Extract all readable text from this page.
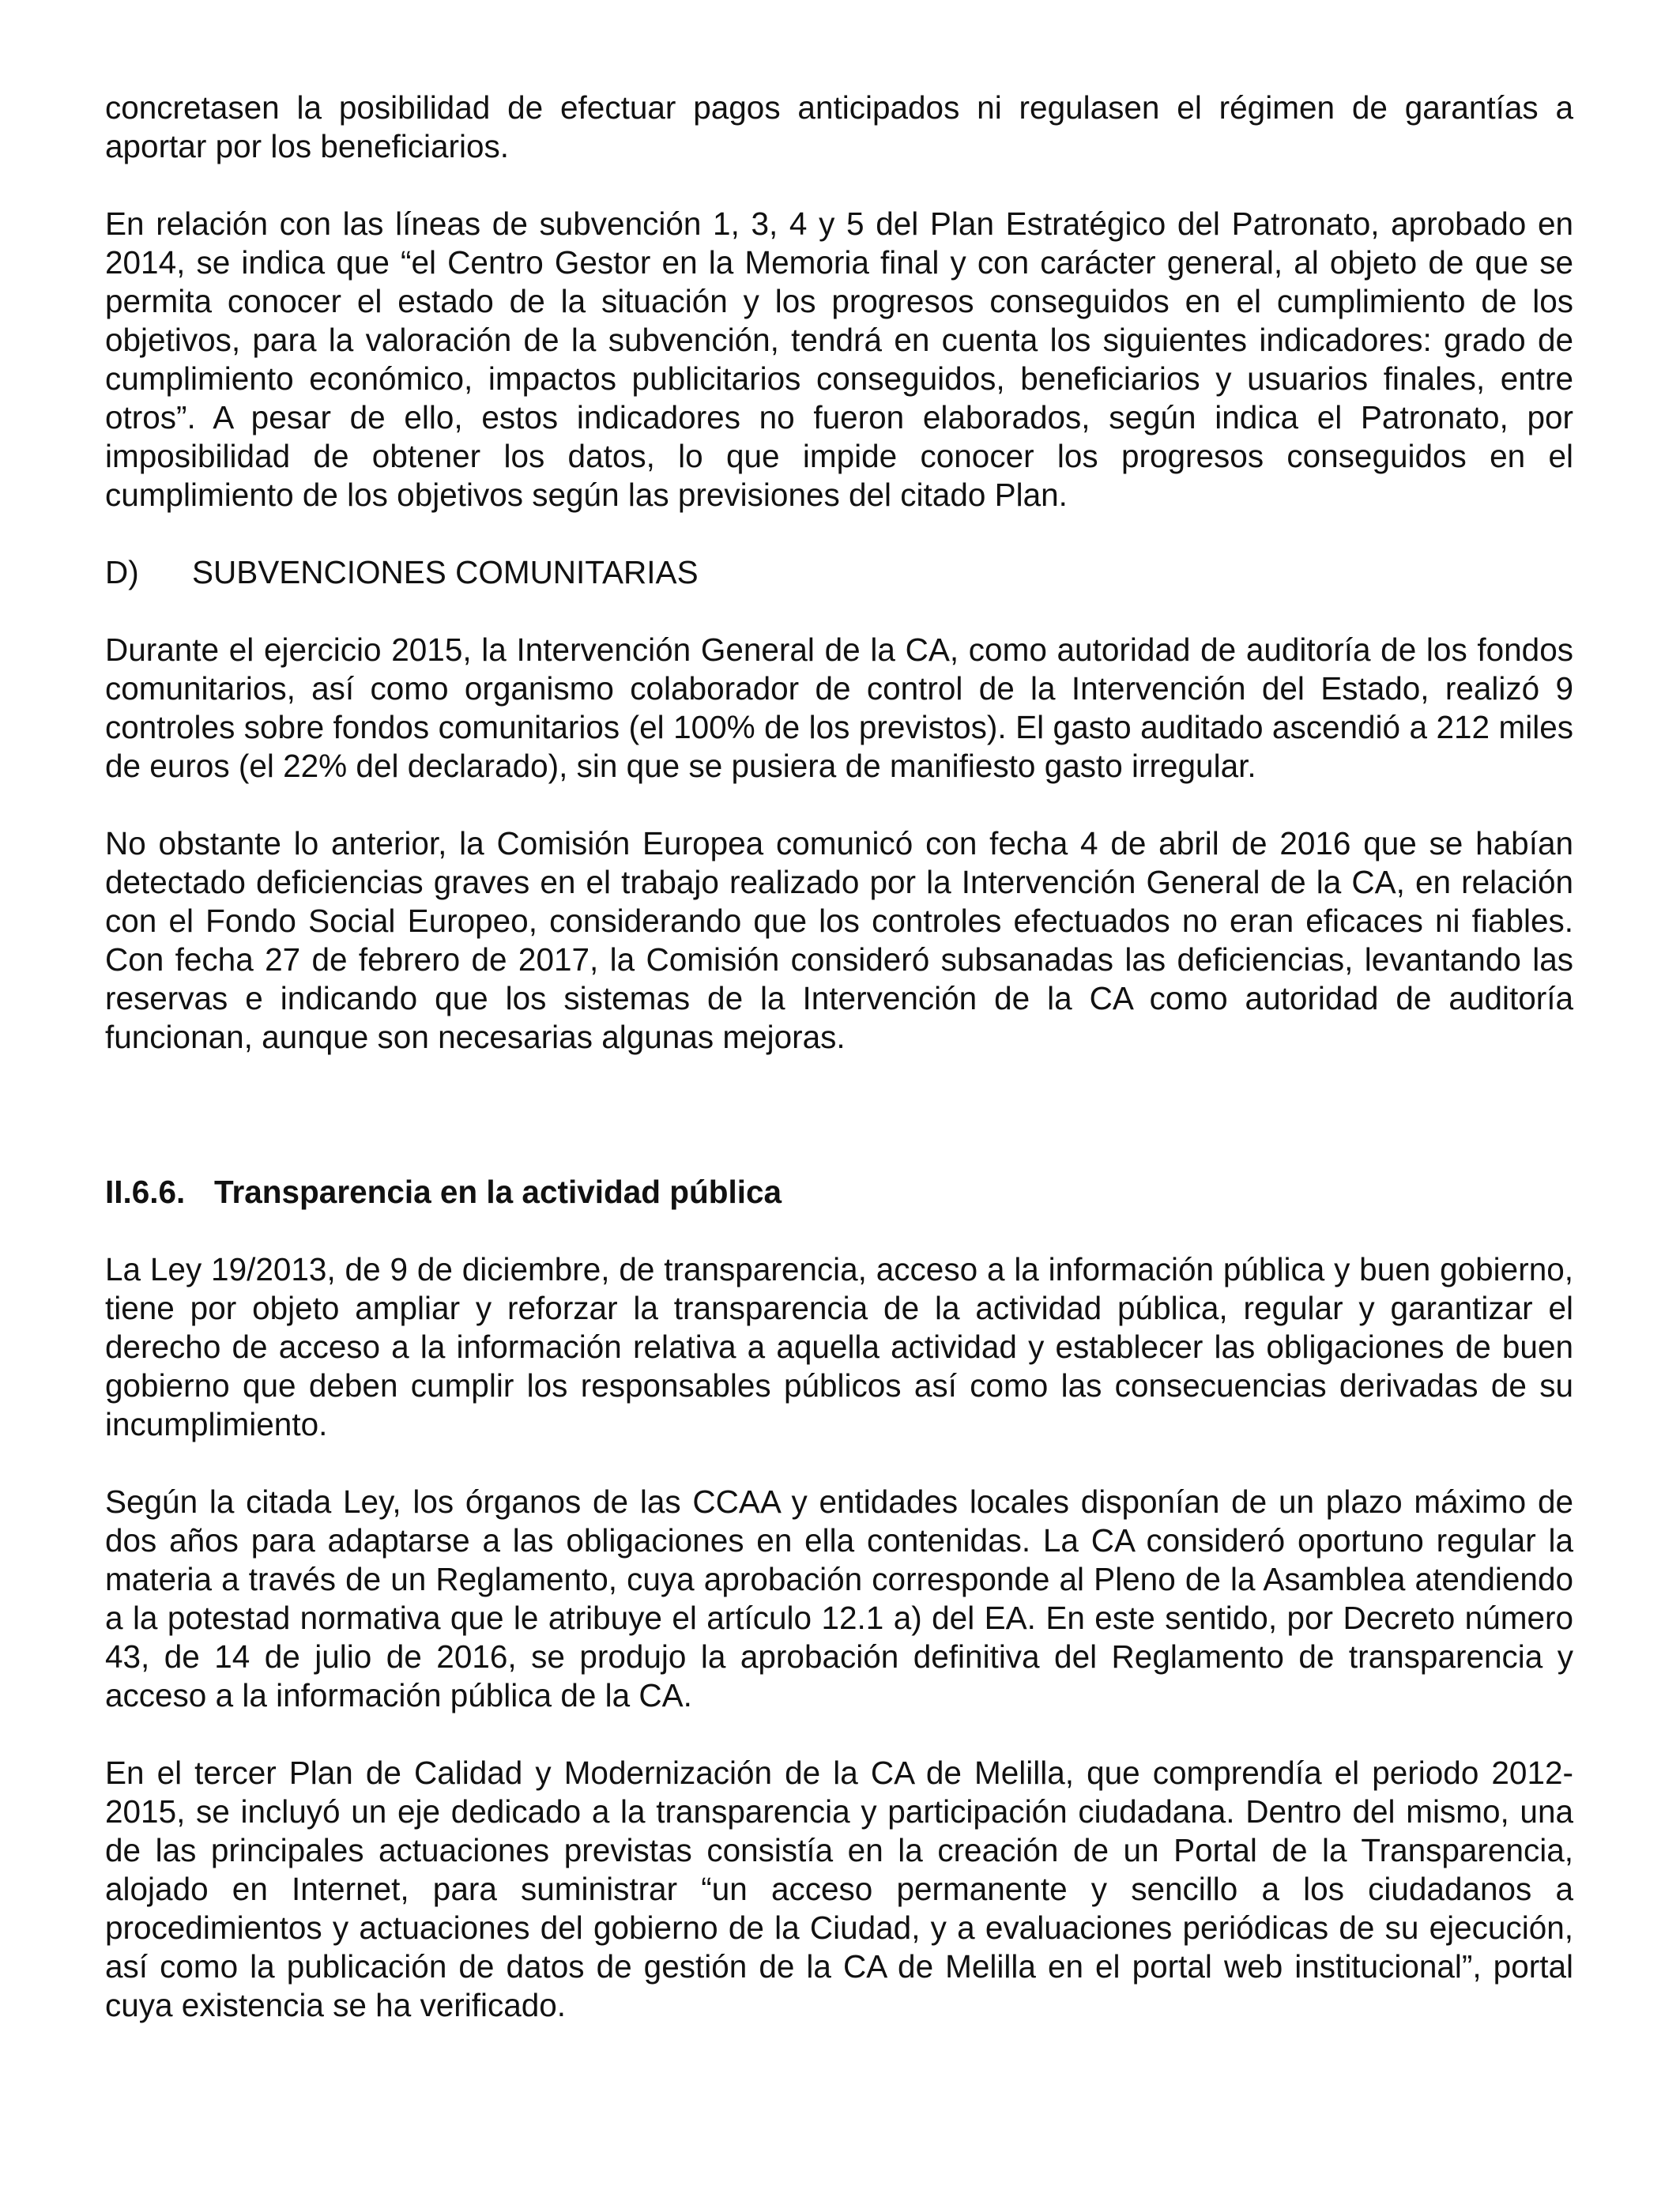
concretasen la posibilidad de efectuar pagos anticipados ni regulasen el régimen de garantías a aportar por los beneficiarios.

En relación con las líneas de subvención 1, 3, 4 y 5 del Plan Estratégico del Patronato, aprobado en 2014, se indica que “el Centro Gestor en la Memoria final y con carácter general, al objeto de que se permita conocer el estado de la situación y los progresos conseguidos en el cumplimiento de los objetivos, para la valoración de la subvención, tendrá en cuenta los siguientes indicadores: grado de cumplimiento económico, impactos publicitarios conseguidos, beneficiarios y usuarios finales, entre otros”. A pesar de ello, estos indicadores no fueron elaborados, según indica el Patronato, por imposibilidad de obtener los datos, lo que impide conocer los progresos conseguidos en el cumplimiento de los objetivos según las previsiones del citado Plan.

D)	SUBVENCIONES COMUNITARIAS

Durante el ejercicio 2015, la Intervención General de la CA, como autoridad de auditoría de los fondos comunitarios, así como organismo colaborador de control de la Intervención del Estado, realizó 9 controles sobre fondos comunitarios (el 100% de los previstos). El gasto auditado ascendió a 212 miles de euros (el 22% del declarado), sin que se pusiera de manifiesto gasto irregular.

No obstante lo anterior, la Comisión Europea comunicó con fecha 4 de abril de 2016 que se habían detectado deficiencias graves en el trabajo realizado por la Intervención General de la CA, en relación con el Fondo Social Europeo, considerando que los controles efectuados no eran eficaces ni fiables. Con fecha 27 de febrero de 2017, la Comisión consideró subsanadas las deficiencias, levantando las reservas e indicando que los sistemas de la Intervención de la CA como autoridad de auditoría funcionan, aunque son necesarias algunas mejoras.

II.6.6. Transparencia en la actividad pública

La Ley 19/2013, de 9 de diciembre, de transparencia, acceso a la información pública y buen gobierno, tiene por objeto ampliar y reforzar la transparencia de la actividad pública, regular y garantizar el derecho de acceso a la información relativa a aquella actividad y establecer las obligaciones de buen gobierno que deben cumplir los responsables públicos así como las consecuencias derivadas de su incumplimiento.

Según la citada Ley, los órganos de las CCAA y entidades locales disponían de un plazo máximo de dos años para adaptarse a las obligaciones en ella contenidas. La CA consideró oportuno regular la materia a través de un Reglamento, cuya aprobación corresponde al Pleno de la Asamblea atendiendo a la potestad normativa que le atribuye el artículo 12.1 a) del EA. En este sentido, por Decreto número 43, de 14 de julio de 2016, se produjo la aprobación definitiva del Reglamento de transparencia y acceso a la información pública de la CA.

En el tercer Plan de Calidad y Modernización de la CA de Melilla, que comprendía el periodo 2012-2015, se incluyó un eje dedicado a la transparencia y participación ciudadana. Dentro del mismo, una de las principales actuaciones previstas consistía en la creación de un Portal de la Transparencia, alojado en Internet, para suministrar “un acceso permanente y sencillo a los ciudadanos a procedimientos y actuaciones del gobierno de la Ciudad, y a evaluaciones periódicas de su ejecución, así como la publicación de datos de gestión de la CA de Melilla en el portal web institucional”, portal cuya existencia se ha verificado.
